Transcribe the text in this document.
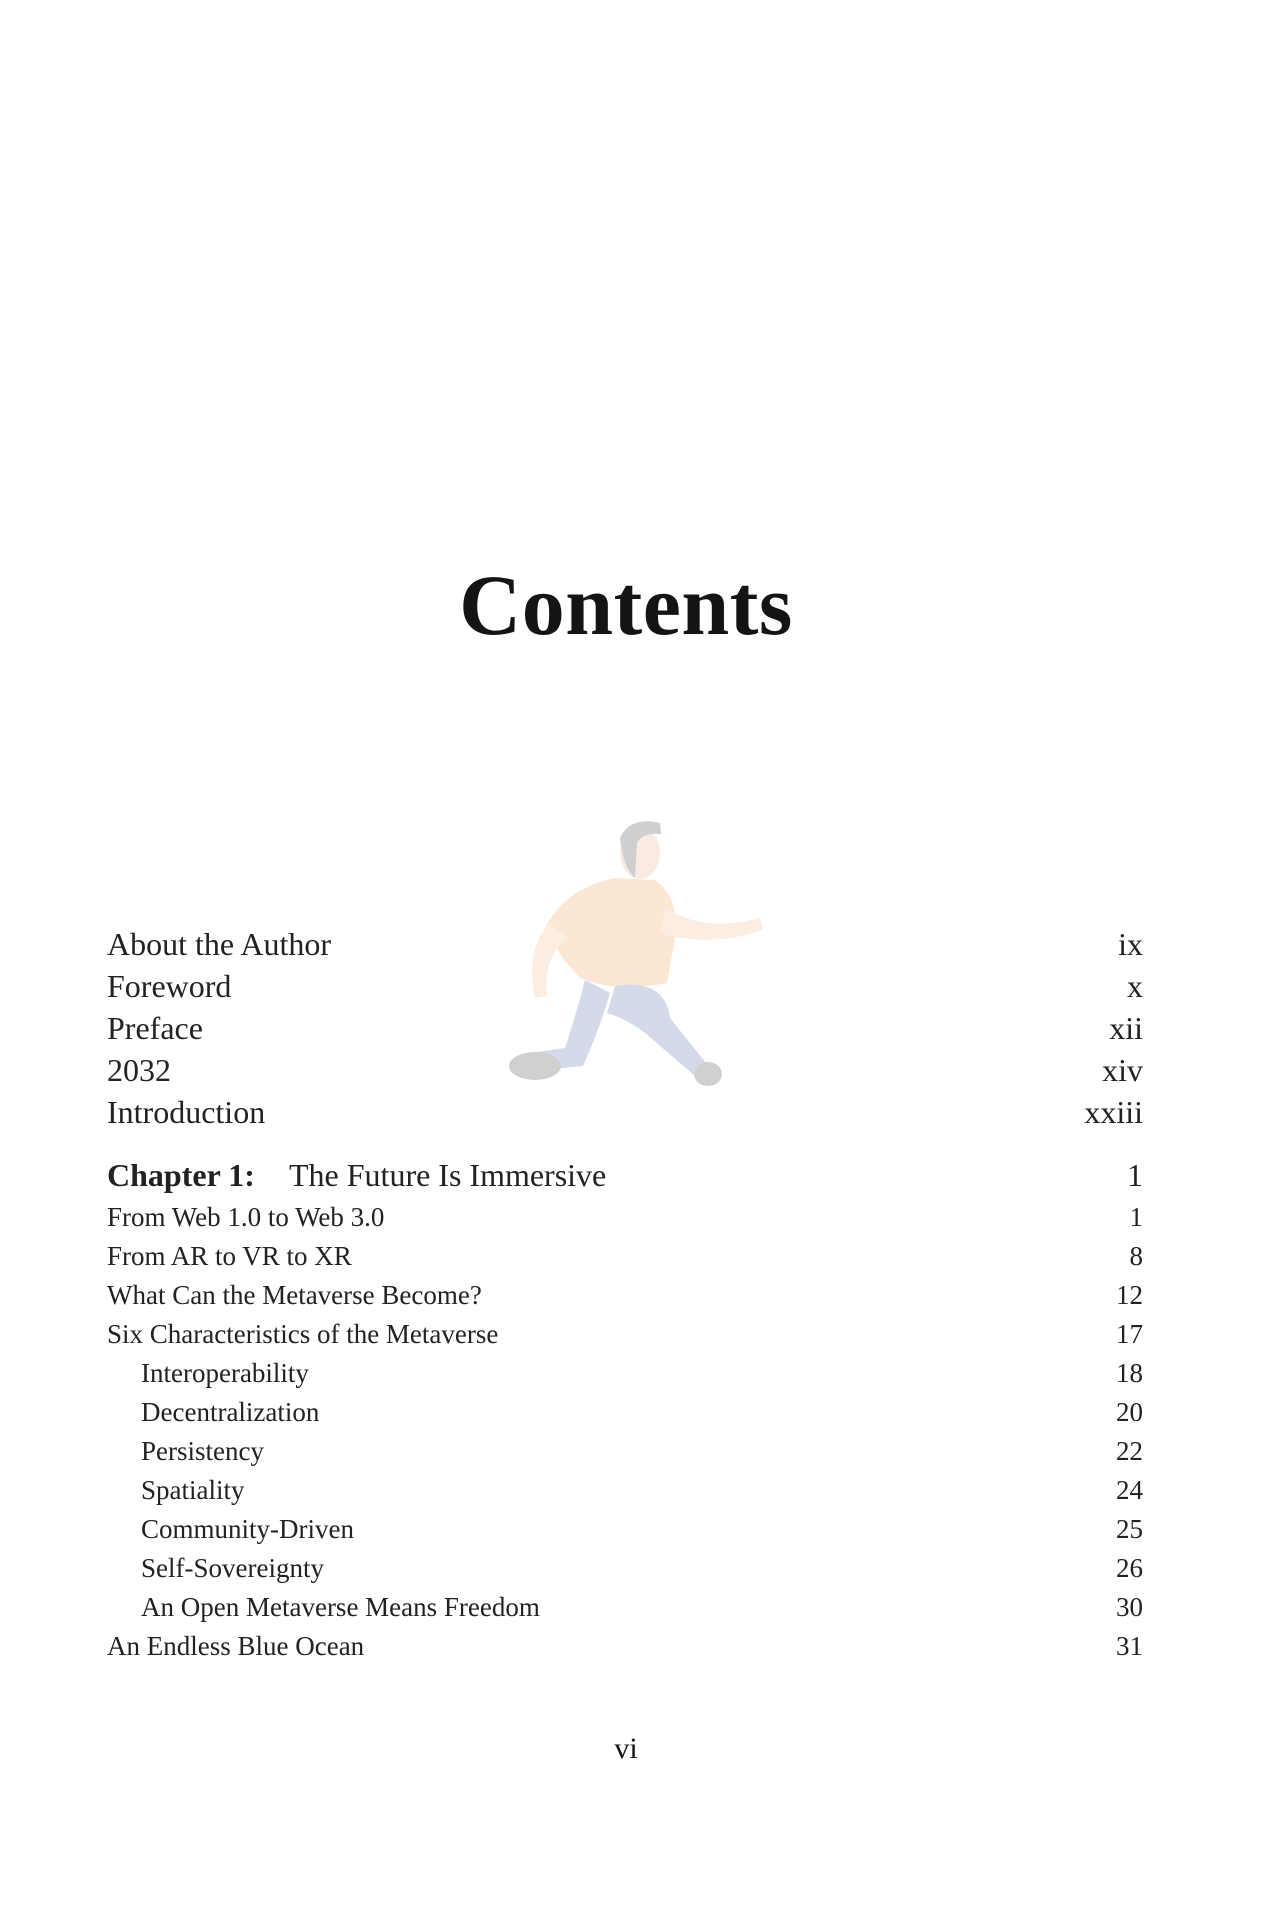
Contents
About the Author	ix
Foreword	x
Preface	xii
2032	xiv
Introduction	xxiii
Chapter 1: The Future Is Immersive	1
From Web 1.0 to Web 3.0	1
From AR to VR to XR	8
What Can the Metaverse Become?	12
Six Characteristics of the Metaverse	17
Interoperability	18
Decentralization	20
Persistency	22
Spatiality	24
Community-Driven	25
Self-Sovereignty	26
An Open Metaverse Means Freedom	30
An Endless Blue Ocean	31
vi
